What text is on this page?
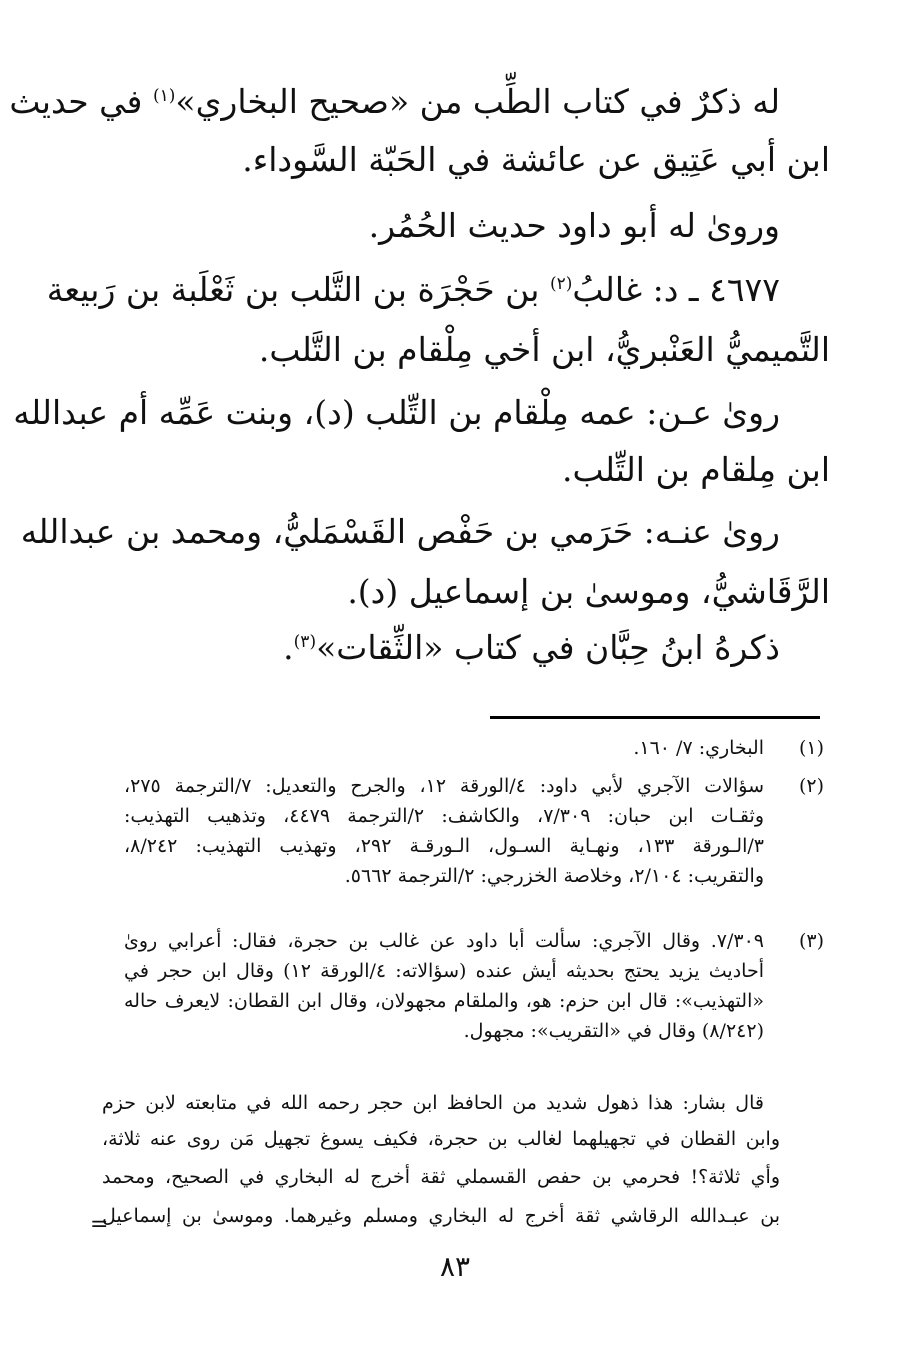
له ذكرٌ في كتاب الطِّب من «صحيح البخاري»$^{(١)}$ في حديث

ابن أبي عَتِيق عن عائشة في الحَبّة السَّوداء.

وروىٰ له أبو داود حديث الحُمُر.

٤٦٧٧ ـ د: غالبُ$^{(٢)}$ بن حَجْرَة بن التَّلب بن ثَعْلَبة بن رَبيعة

التَّميميُّ العَنْبريُّ، ابن أخي مِلْقام بن التَّلب.

روىٰ عـن: عمه مِلْقام بن التِّلب (د)، وبنت عَمِّه أم عبدالله

ابن مِلقام بن التِّلب.

روىٰ عنـه: حَرَمي بن حَفْص القَسْمَليُّ، ومحمد بن عبدالله

الرَّقَاشيُّ، وموسىٰ بن إسماعيل (د).

ذكرهُ ابنُ حِبَّان في كتاب «الثِّقات»$^{(٣)}$.

(١)
البخاري: ٧/ ١٦٠.
(٢)
سؤالات الآجري لأبي داود: ٤/الورقة ١٢، والجرح والتعديل: ٧/الترجمة ٢٧٥،
وثقـات ابن حبان: ٧/٣٠٩، والكاشف: ٢/الترجمة ٤٤٧٩، وتذهيب التهذيب:
٣/الـورقة ١٣٣، ونهـاية السـول، الـورقـة ٢٩٢، وتهذيب التهذيب: ٨/٢٤٢،
والتقريب: ٢/١٠٤، وخلاصة الخزرجي: ٢/الترجمة ٥٦٦٢.
(٣)
٧/٣٠٩. وقال الآجري: سألت أبا داود عن غالب بن حجرة، فقال: أعرابي روىٰ
أحاديث يزيد يحتج بحديثه أيش عنده (سؤالاته: ٤/الورقة ١٢) وقال ابن حجر في
«التهذيب»: قال ابن حزم: هو، والملقام مجهولان، وقال ابن القطان: لايعرف حاله
(٨/٢٤٢) وقال في «التقريب»: مجهول.

قال بشار: هذا ذهول شديد من الحافظ ابن حجر رحمه الله في متابعته لابن حزم

وابن القطان في تجهيلهما لغالب بن حجرة، فكيف يسوغ تجهيل مَن روى عنه ثلاثة،

وأي ثلاثة؟! فحرمي بن حفص القسملي ثقة أخرج له البخاري في الصحيح، ومحمد

بن عبـدالله الرقاشي ثقة أخرج له البخاري ومسلم وغيرهما. وموسىٰ بن إسماعيل

=
٨٣
